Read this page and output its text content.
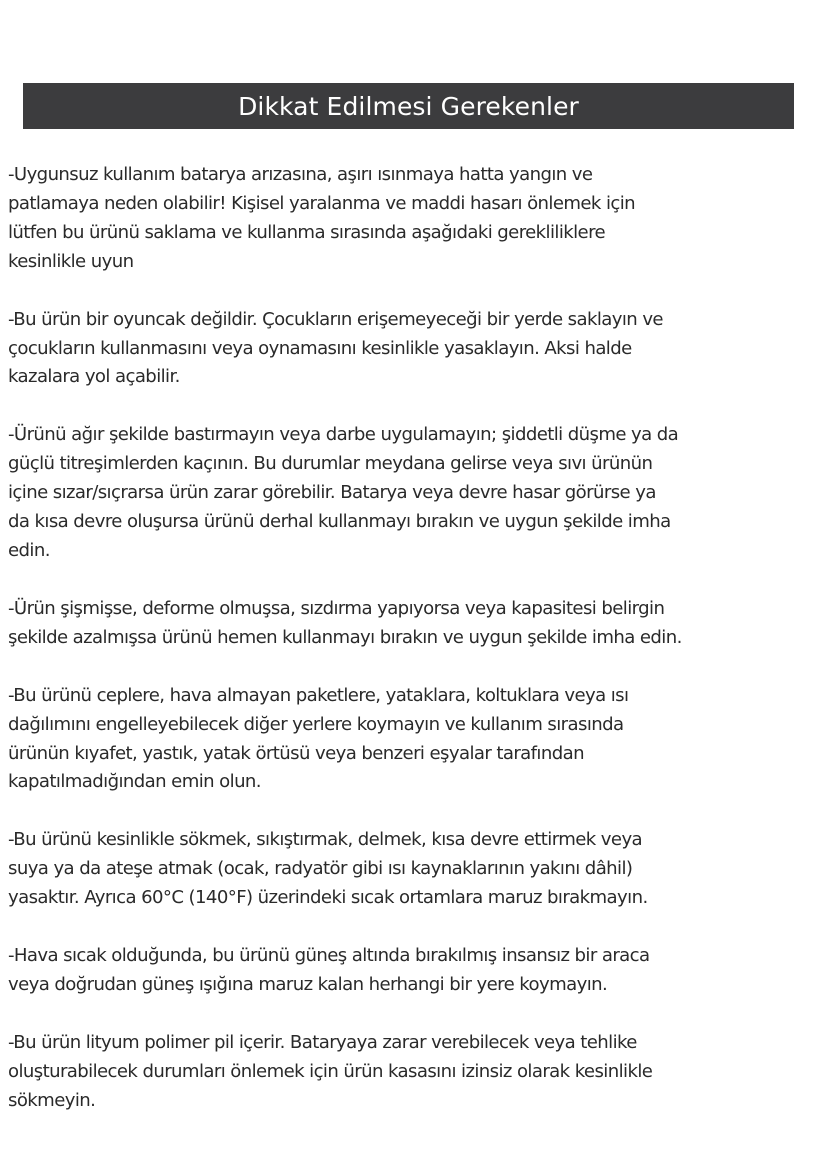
Dikkat Edilmesi Gerekenler

-Uygunsuz kullanım batarya arızasına, aşırı ısınmaya hatta yangın ve
patlamaya neden olabilir! Kişisel yaralanma ve maddi hasarı önlemek için
lütfen bu ürünü saklama ve kullanma sırasında aşağıdaki gerekliliklere
kesinlikle uyun

-Bu ürün bir oyuncak değildir. Çocukların erişemeyeceği bir yerde saklayın ve
çocukların kullanmasını veya oynamasını kesinlikle yasaklayın. Aksi halde
kazalara yol açabilir.

-Ürünü ağır şekilde bastırmayın veya darbe uygulamayın; şiddetli düşme ya da
güçlü titreşimlerden kaçının. Bu durumlar meydana gelirse veya sıvı ürünün
içine sızar/sıçrarsa ürün zarar görebilir. Batarya veya devre hasar görürse ya
da kısa devre oluşursa ürünü derhal kullanmayı bırakın ve uygun şekilde imha
edin.

-Ürün şişmişse, deforme olmuşsa, sızdırma yapıyorsa veya kapasitesi belirgin
şekilde azalmışsa ürünü hemen kullanmayı bırakın ve uygun şekilde imha edin.

-Bu ürünü ceplere, hava almayan paketlere, yataklara, koltuklara veya ısı
dağılımını engelleyebilecek diğer yerlere koymayın ve kullanım sırasında
ürünün kıyafet, yastık, yatak örtüsü veya benzeri eşyalar tarafından
kapatılmadığından emin olun.

-Bu ürünü kesinlikle sökmek, sıkıştırmak, delmek, kısa devre ettirmek veya
suya ya da ateşe atmak (ocak, radyatör gibi ısı kaynaklarının yakını dâhil)
yasaktır. Ayrıca 60°C (140°F) üzerindeki sıcak ortamlara maruz bırakmayın.

-Hava sıcak olduğunda, bu ürünü güneş altında bırakılmış insansız bir araca
veya doğrudan güneş ışığına maruz kalan herhangi bir yere koymayın.

-Bu ürün lityum polimer pil içerir. Bataryaya zarar verebilecek veya tehlike
oluşturabilecek durumları önlemek için ürün kasasını izinsiz olarak kesinlikle
sökmeyin.
